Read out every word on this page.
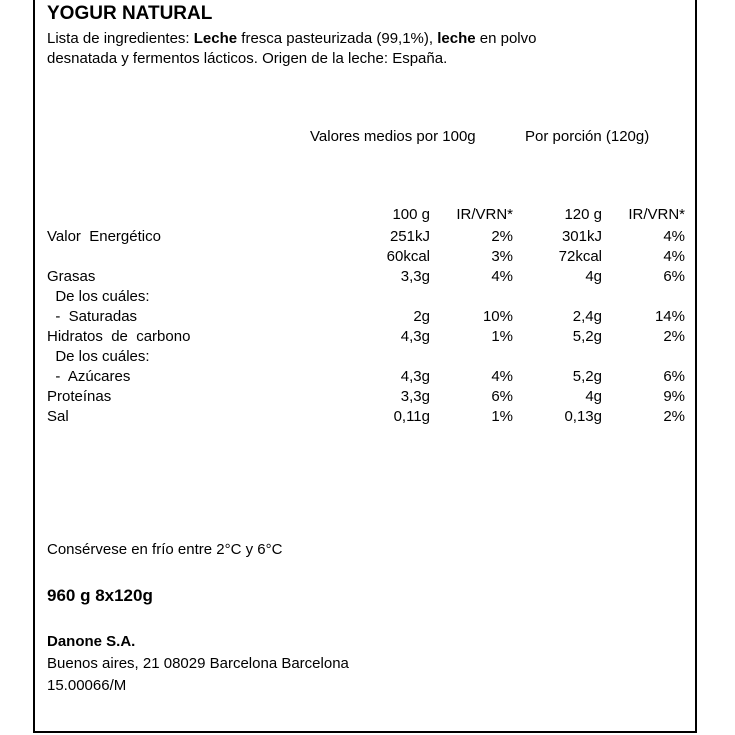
YOGUR NATURAL
Lista de ingredientes: Leche fresca pasteurizada (99,1%), leche en polvo
desnatada y fermentos lácticos. Origen de la leche: España.
Valores medios por 100g	Por porción (120g)
100 g	IR/VRN*	120 g	IR/VRN*
Valor  Energético	251kJ	2%	301kJ	4%
60kcal	3%	72kcal	4%
Grasas	3,3g	4%	4g	6%
De los cuáles:
-  Saturadas	2g	10%	2,4g	14%
Hidratos  de  carbono	4,3g	1%	5,2g	2%
De los cuáles:
-  Azúcares	4,3g	4%	5,2g	6%
Proteínas	3,3g	6%	4g	9%
Sal	0,11g	1%	0,13g	2%
Consérvese en frío entre 2°C y 6°C
960 g 8x120g
Danone S.A.
Buenos aires, 21 08029 Barcelona Barcelona
15.00066/M
